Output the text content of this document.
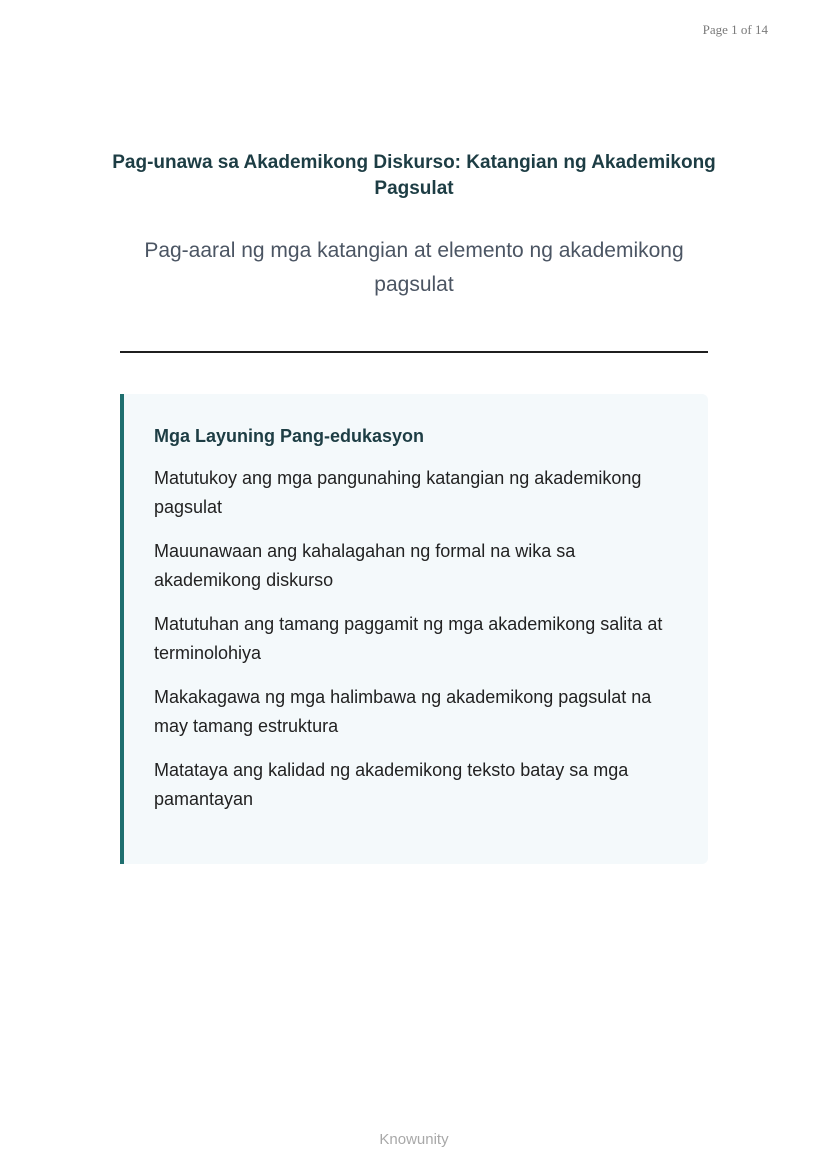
Page 1 of 14
Pag-unawa sa Akademikong Diskurso: Katangian ng Akademikong Pagsulat

Pag-aaral ng mga katangian at elemento ng akademikong pagsulat

Mga Layuning Pang-edukasyon
Matutukoy ang mga pangunahing katangian ng akademikong pagsulat
Mauunawaan ang kahalagahan ng formal na wika sa akademikong diskurso
Matutuhan ang tamang paggamit ng mga akademikong salita at terminolohiya
Makakagawa ng mga halimbawa ng akademikong pagsulat na may tamang estruktura
Matataya ang kalidad ng akademikong teksto batay sa mga pamantayan
Knowunity
